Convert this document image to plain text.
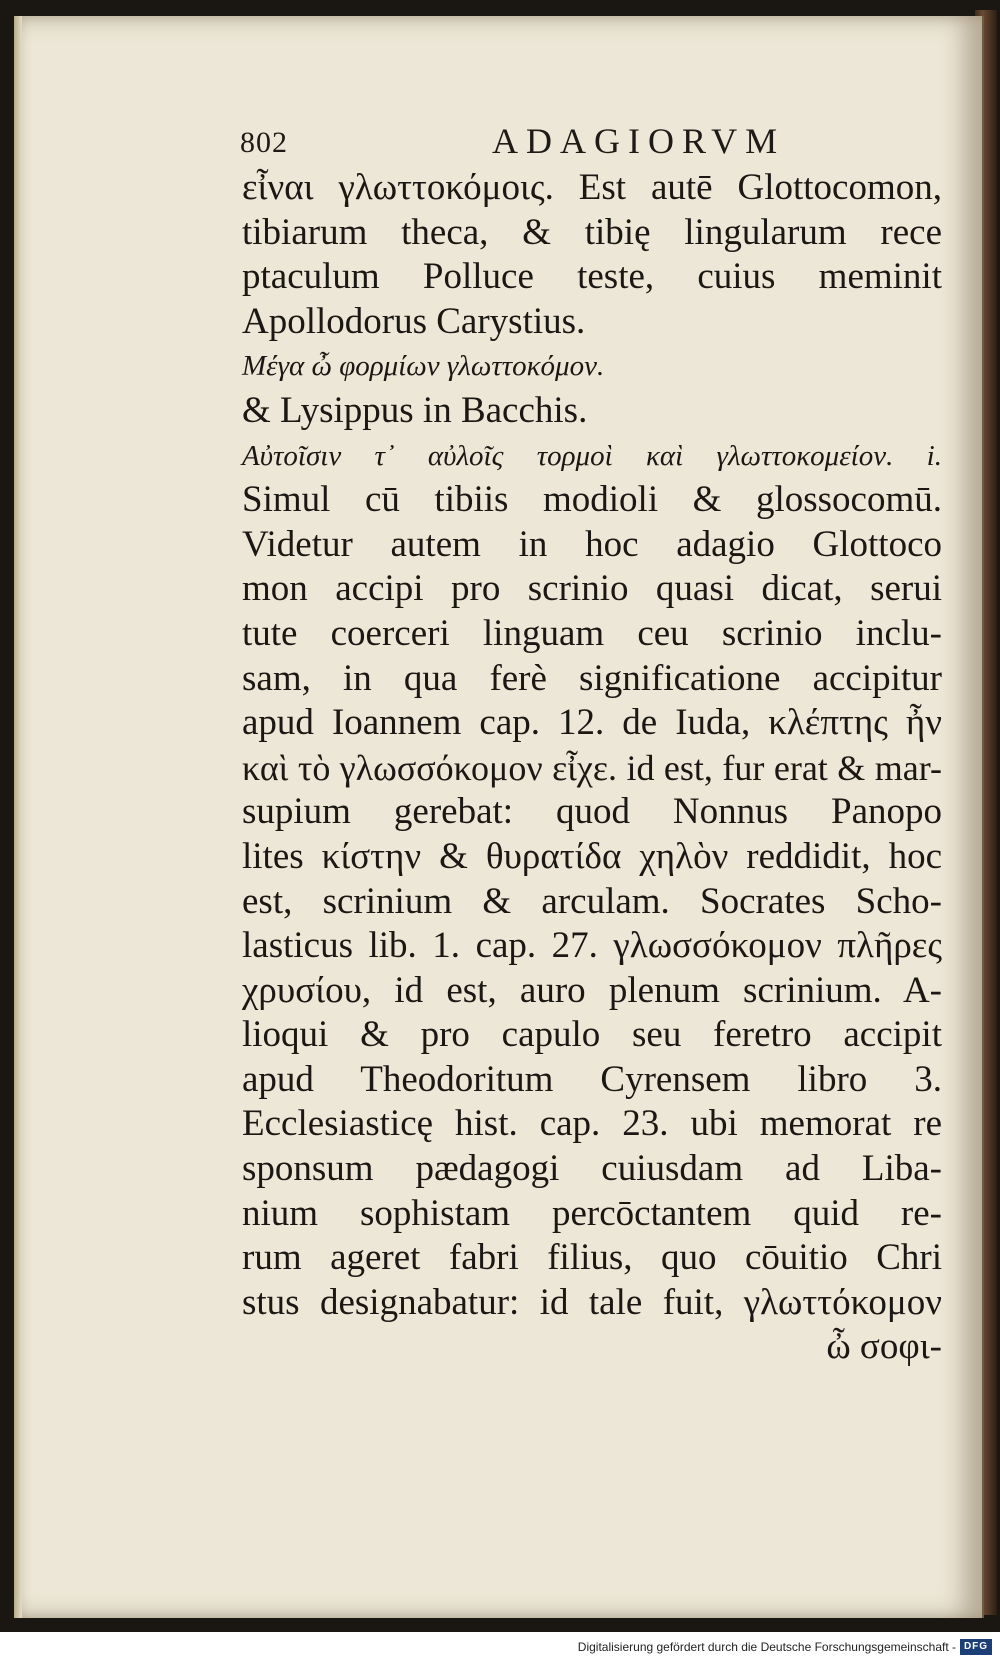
802	ADAGIORVM
εἶναι γλωττοκόμοις. Est autē Glottocomon,
tibiarum theca, & tibię lingularum rece
ptaculum Polluce teste, cuius meminit
Apollodorus Carystius.
Μέγα ὦ φορμίων γλωττοκόμον.
& Lysippus in Bacchis.
Αὐτοῖσιν τ᾽ αὐλοῖς τορμοὶ καὶ γλωττοκομείον. i.
Simul cū tibiis modioli & glossocomū.
Videtur autem in hoc adagio Glottoco
mon accipi pro scrinio quasi dicat, serui
tute coerceri linguam ceu scrinio inclu-
sam, in qua ferè significatione accipitur
apud Ioannem cap. 12. de Iuda, κλέπτης ἦν
καὶ τὸ γλωσσόκομον εἶχε. id est, fur erat & mar-
supium gerebat: quod Nonnus Panopo
lites κίστην & θυρατίδα χηλὸν reddidit, hoc
est, scrinium & arculam. Socrates Scho-
lasticus lib. 1. cap. 27. γλωσσόκομον πλῆρες
χρυσίου, id est, auro plenum scrinium. A-
lioqui & pro capulo seu feretro accipit
apud Theodoritum Cyrensem libro 3.
Ecclesiasticę hist. cap. 23. ubi memorat re
sponsum pædagogi cuiusdam ad Liba-
nium sophistam percōctantem quid re-
rum ageret fabri filius, quo cōuitio Chri
stus designabatur: id tale fuit, γλωττόκομον
ὦ σοφι-
Digitalisierung gefördert durch die Deutsche Forschungsgemeinschaft - DFG
